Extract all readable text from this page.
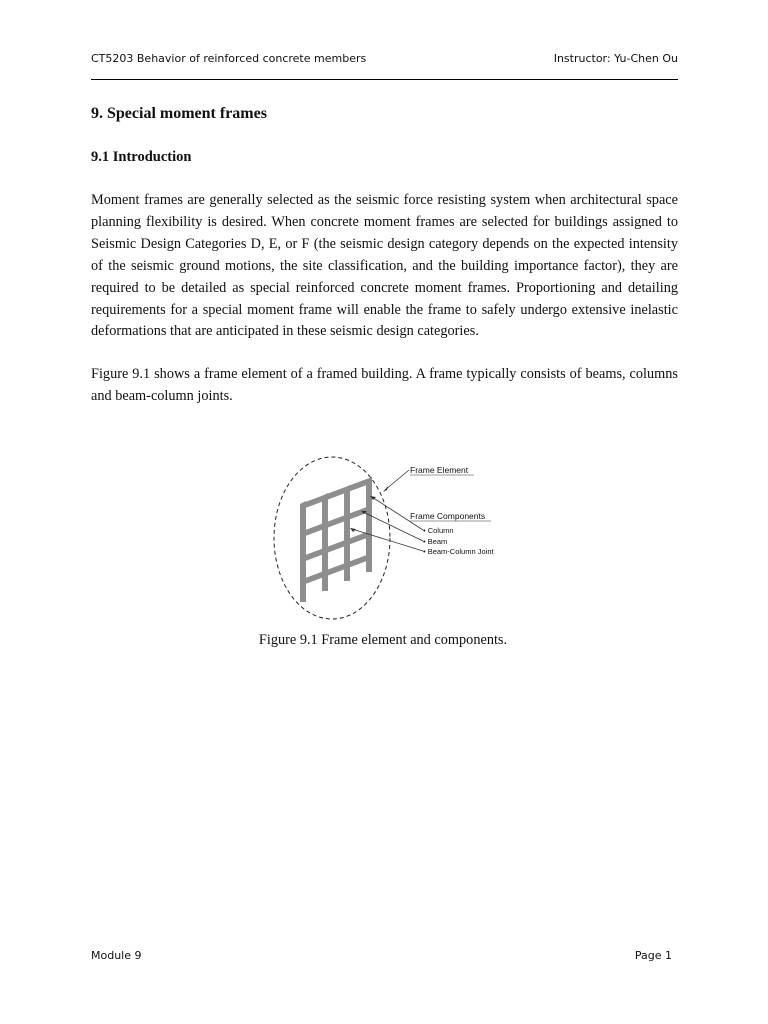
CT5203 Behavior of reinforced concrete members	Instructor: Yu-Chen Ou
9. Special moment frames
9.1 Introduction

Moment frames are generally selected as the seismic force resisting system when architectural space planning flexibility is desired. When concrete moment frames are selected for buildings assigned to Seismic Design Categories D, E, or F (the seismic design category depends on the expected intensity of the seismic ground motions, the site classification, and the building importance factor), they are required to be detailed as special reinforced concrete moment frames. Proportioning and detailing requirements for a special moment frame will enable the frame to safely undergo extensive inelastic deformations that are anticipated in these seismic design categories.

Figure 9.1 shows a frame element of a framed building. A frame typically consists of beams, columns and beam-column joints.

Frame Element
Frame Components
• Column
• Beam
• Beam-Column Joint
Figure 9.1 Frame element and components.
Module 9	Page 1
